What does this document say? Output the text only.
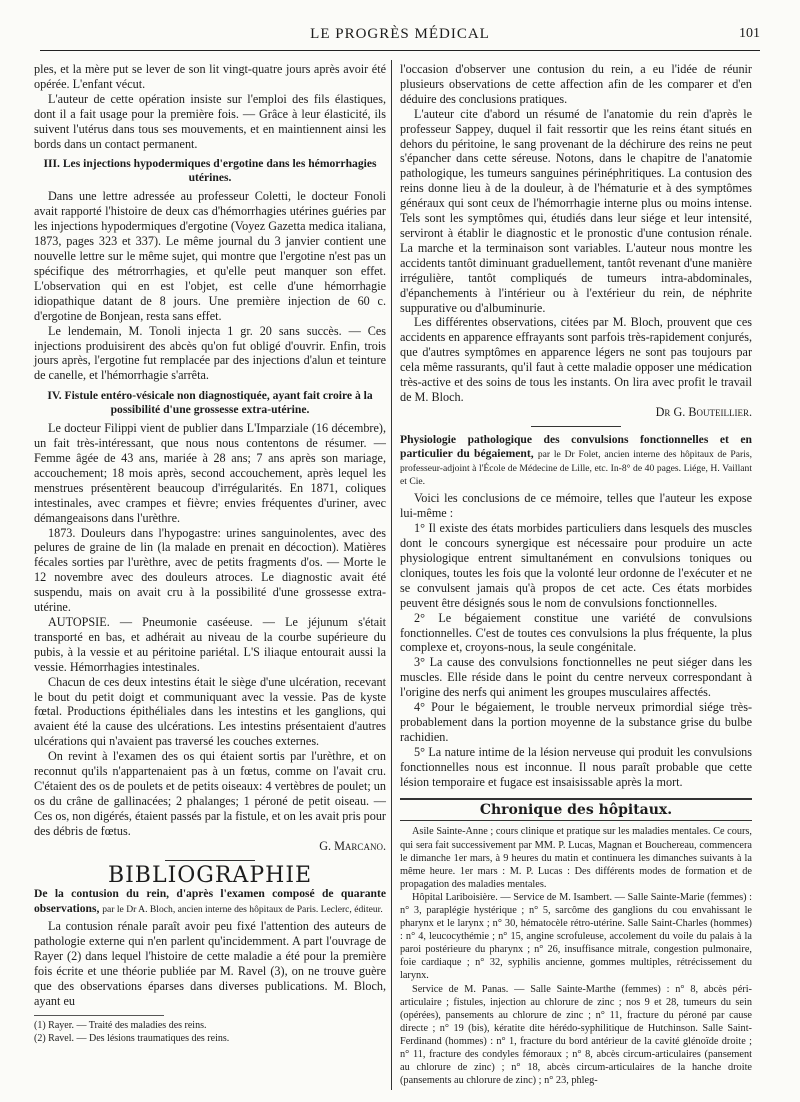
LE PROGRÈS MÉDICAL	101

ples, et la mère put se lever de son lit vingt-quatre jours après avoir été opérée. L'enfant vécut.

L'auteur de cette opération insiste sur l'emploi des fils élastiques, dont il a fait usage pour la première fois. — Grâce à leur élasticité, ils suivent l'utérus dans tous ses mouvements, et en maintiennent ainsi les bords dans un contact permanent.

III. Les injections hypodermiques d'ergotine dans les hémorrhagies utérines.

Dans une lettre adressée au professeur Coletti, le docteur Fonoli avait rapporté l'histoire de deux cas d'hémorrhagies utérines guéries par les injections hypodermiques d'ergotine (Voyez Gazetta medica italiana, 1873, pages 323 et 337). Le même journal du 3 janvier contient une nouvelle lettre sur le même sujet, qui montre que l'ergotine n'est pas un spécifique des métrorrhagies, et qu'elle peut manquer son effet. L'observation qui en est l'objet, est celle d'une hémorrhagie idiopathique datant de 8 jours. Une première injection de 60 c. d'ergotine de Bonjean, resta sans effet.

Le lendemain, M. Tonoli injecta 1 gr. 20 sans succès. — Ces injections produisirent des abcès qu'on fut obligé d'ouvrir. Enfin, trois jours après, l'ergotine fut remplacée par des injections d'alun et teinture de canelle, et l'hémorrhagie s'arrêta.

IV. Fistule entéro-vésicale non diagnostiquée, ayant fait croire à la possibilité d'une grossesse extra-utérine.

Le docteur Filippi vient de publier dans L'Imparziale (16 décembre), un fait très-intéressant, que nous nous contentons de résumer. — Femme âgée de 43 ans, mariée à 28 ans; 7 ans après son mariage, accouchement; 18 mois après, second accouchement, après lequel les menstrues présentèrent beaucoup d'irrégularités. En 1871, coliques intestinales, avec crampes et fièvre; envies fréquentes d'uriner, avec démangeaisons dans l'urèthre.

1873. Douleurs dans l'hypogastre: urines sanguinolentes, avec des pelures de graine de lin (la malade en prenait en décoction). Matières fécales sorties par l'urèthre, avec de petits fragments d'os. — Morte le 12 novembre avec des douleurs atroces. Le diagnostic avait été suspendu, mais on avait cru à la possibilité d'une grossesse extra-utérine.

AUTOPSIE. — Pneumonie caséeuse. — Le jéjunum s'était transporté en bas, et adhérait au niveau de la courbe supérieure du pubis, à la vessie et au péritoine pariétal. L'S iliaque entourait aussi la vessie. Hémorrhagies intestinales.

Chacun de ces deux intestins était le siège d'une ulcération, recevant le bout du petit doigt et communiquant avec la vessie. Pas de kyste fœtal. Productions épithéliales dans les intestins et les ganglions, qui avaient été la cause des ulcérations. Les intestins présentaient d'autres ulcérations qui n'avaient pas traversé les couches externes.

On revint à l'examen des os qui étaient sortis par l'urèthre, et on reconnut qu'ils n'appartenaient pas à un fœtus, comme on l'avait cru. C'étaient des os de poulets et de petits oiseaux: 4 vertèbres de poulet; un os du crâne de gallinacées; 2 phalanges; 1 péroné de petit oiseau. — Ces os, non digérés, étaient passés par la fistule, et on les avait pris pour des débris de fœtus.

G. Marcano.
BIBLIOGRAPHIE
De la contusion du rein, d'après l'examen composé de quarante observations, par le Dr A. Bloch, ancien interne des hôpitaux de Paris. Leclerc, éditeur.

La contusion rénale paraît avoir peu fixé l'attention des auteurs de pathologie externe qui n'en parlent qu'incidemment. A part l'ouvrage de Rayer (2) dans lequel l'histoire de cette maladie a été pour la première fois écrite et une théorie publiée par M. Ravel (3), on ne trouve guère que des observations éparses dans diverses publications. M. Bloch, ayant eu

(1) Rayer. — Traité des maladies des reins.
(2) Ravel. — Des lésions traumatiques des reins.

l'occasion d'observer une contusion du rein, a eu l'idée de réunir plusieurs observations de cette affection afin de les comparer et d'en déduire des conclusions pratiques.

L'auteur cite d'abord un résumé de l'anatomie du rein d'après le professeur Sappey, duquel il fait ressortir que les reins étant situés en dehors du péritoine, le sang provenant de la déchirure des reins ne peut s'épancher dans cette séreuse. Notons, dans le chapitre de l'anatomie pathologique, les tumeurs sanguines périnéphritiques. La contusion des reins donne lieu à de la douleur, à de l'hématurie et à des symptômes généraux qui sont ceux de l'hémorrhagie interne plus ou moins intense. Tels sont les symptômes qui, étudiés dans leur siége et leur intensité, serviront à établir le diagnostic et le pronostic d'une contusion rénale. La marche et la terminaison sont variables. L'auteur nous montre les accidents tantôt diminuant graduellement, tantôt revenant d'une manière irrégulière, tantôt compliqués de tumeurs intra-abdominales, d'épanchements à l'intérieur ou à l'extérieur du rein, de néphrite suppurative ou d'albuminurie.

Les différentes observations, citées par M. Bloch, prouvent que ces accidents en apparence effrayants sont parfois très-rapidement conjurés, que d'autres symptômes en apparence légers ne sont pas toujours par cela même rassurants, qu'il faut à cette maladie opposer une médication très-active et des soins de tous les instants. On lira avec profit le travail de M. Bloch.

Dr G. Bouteillier.
Physiologie pathologique des convulsions fonctionnelles et en particulier du bégaiement, par le Dr Folet, ancien interne des hôpitaux de Paris, professeur-adjoint à l'École de Médecine de Lille, etc. In-8° de 40 pages. Liége, H. Vaillant et Cie.

Voici les conclusions de ce mémoire, telles que l'auteur les expose lui-même :

1° Il existe des états morbides particuliers dans lesquels des muscles dont le concours synergique est nécessaire pour produire un acte physiologique entrent simultanément en convulsions toniques ou cloniques, toutes les fois que la volonté leur ordonne de l'exécuter et ne se convulsent jamais qu'à propos de cet acte. Ces états morbides peuvent être désignés sous le nom de convulsions fonctionnelles.

2° Le bégaiement constitue une variété de convulsions fonctionnelles. C'est de toutes ces convulsions la plus fréquente, la plus complexe et, croyons-nous, la seule congénitale.

3° La cause des convulsions fonctionnelles ne peut siéger dans les muscles. Elle réside dans le point du centre nerveux correspondant à l'origine des nerfs qui animent les groupes musculaires affectés.

4° Pour le bégaiement, le trouble nerveux primordial siége très-probablement dans la portion moyenne de la substance grise du bulbe rachidien.

5° La nature intime de la lésion nerveuse qui produit les convulsions fonctionnelles nous est inconnue. Il nous paraît probable que cette lésion temporaire et fugace est insaisissable après la mort.

Chronique des hôpitaux.

Asile Sainte-Anne ; cours clinique et pratique sur les maladies mentales. Ce cours, qui sera fait successivement par MM. P. Lucas, Magnan et Bouchereau, commencera le dimanche 1er mars, à 9 heures du matin et continuera les dimanches suivants à la même heure. 1er mars : M. P. Lucas : Des différents modes de formation et de propagation des maladies mentales.

Hôpital Lariboisière. — Service de M. Isambert. — Salle Sainte-Marie (femmes) : n° 3, paraplégie hystérique ; n° 5, sarcôme des ganglions du cou envahissant le pharynx et le larynx ; n° 30, hématocèle rétro-utérine. Salle Saint-Charles (hommes) : n° 4, leucocythémie ; n° 15, angine scrofuleuse, accolement du voile du palais à la paroi postérieure du pharynx ; n° 26, insuffisance mitrale, congestion pulmonaire, foie cardiaque ; n° 32, syphilis ancienne, gommes multiples, rétrécissement du larynx.

Service de M. Panas. — Salle Sainte-Marthe (femmes) : n° 8, abcès péri-articulaire ; fistules, injection au chlorure de zinc ; nos 9 et 28, tumeurs du sein (opérées), pansements au chlorure de zinc ; n° 11, fracture du péroné par cause directe ; n° 19 (bis), kératite dite hérédo-syphilitique de Hutchinson. Salle Saint-Ferdinand (hommes) : n° 1, fracture du bord antérieur de la cavité glénoïde droite ; n° 11, fracture des condyles fémoraux ; n° 8, abcès circum-articulaires (pansement au chlorure de zinc) ; n° 18, abcès circum-articulaires de la hanche droite (pansements au chlorure de zinc) ; n° 23, phleg-
